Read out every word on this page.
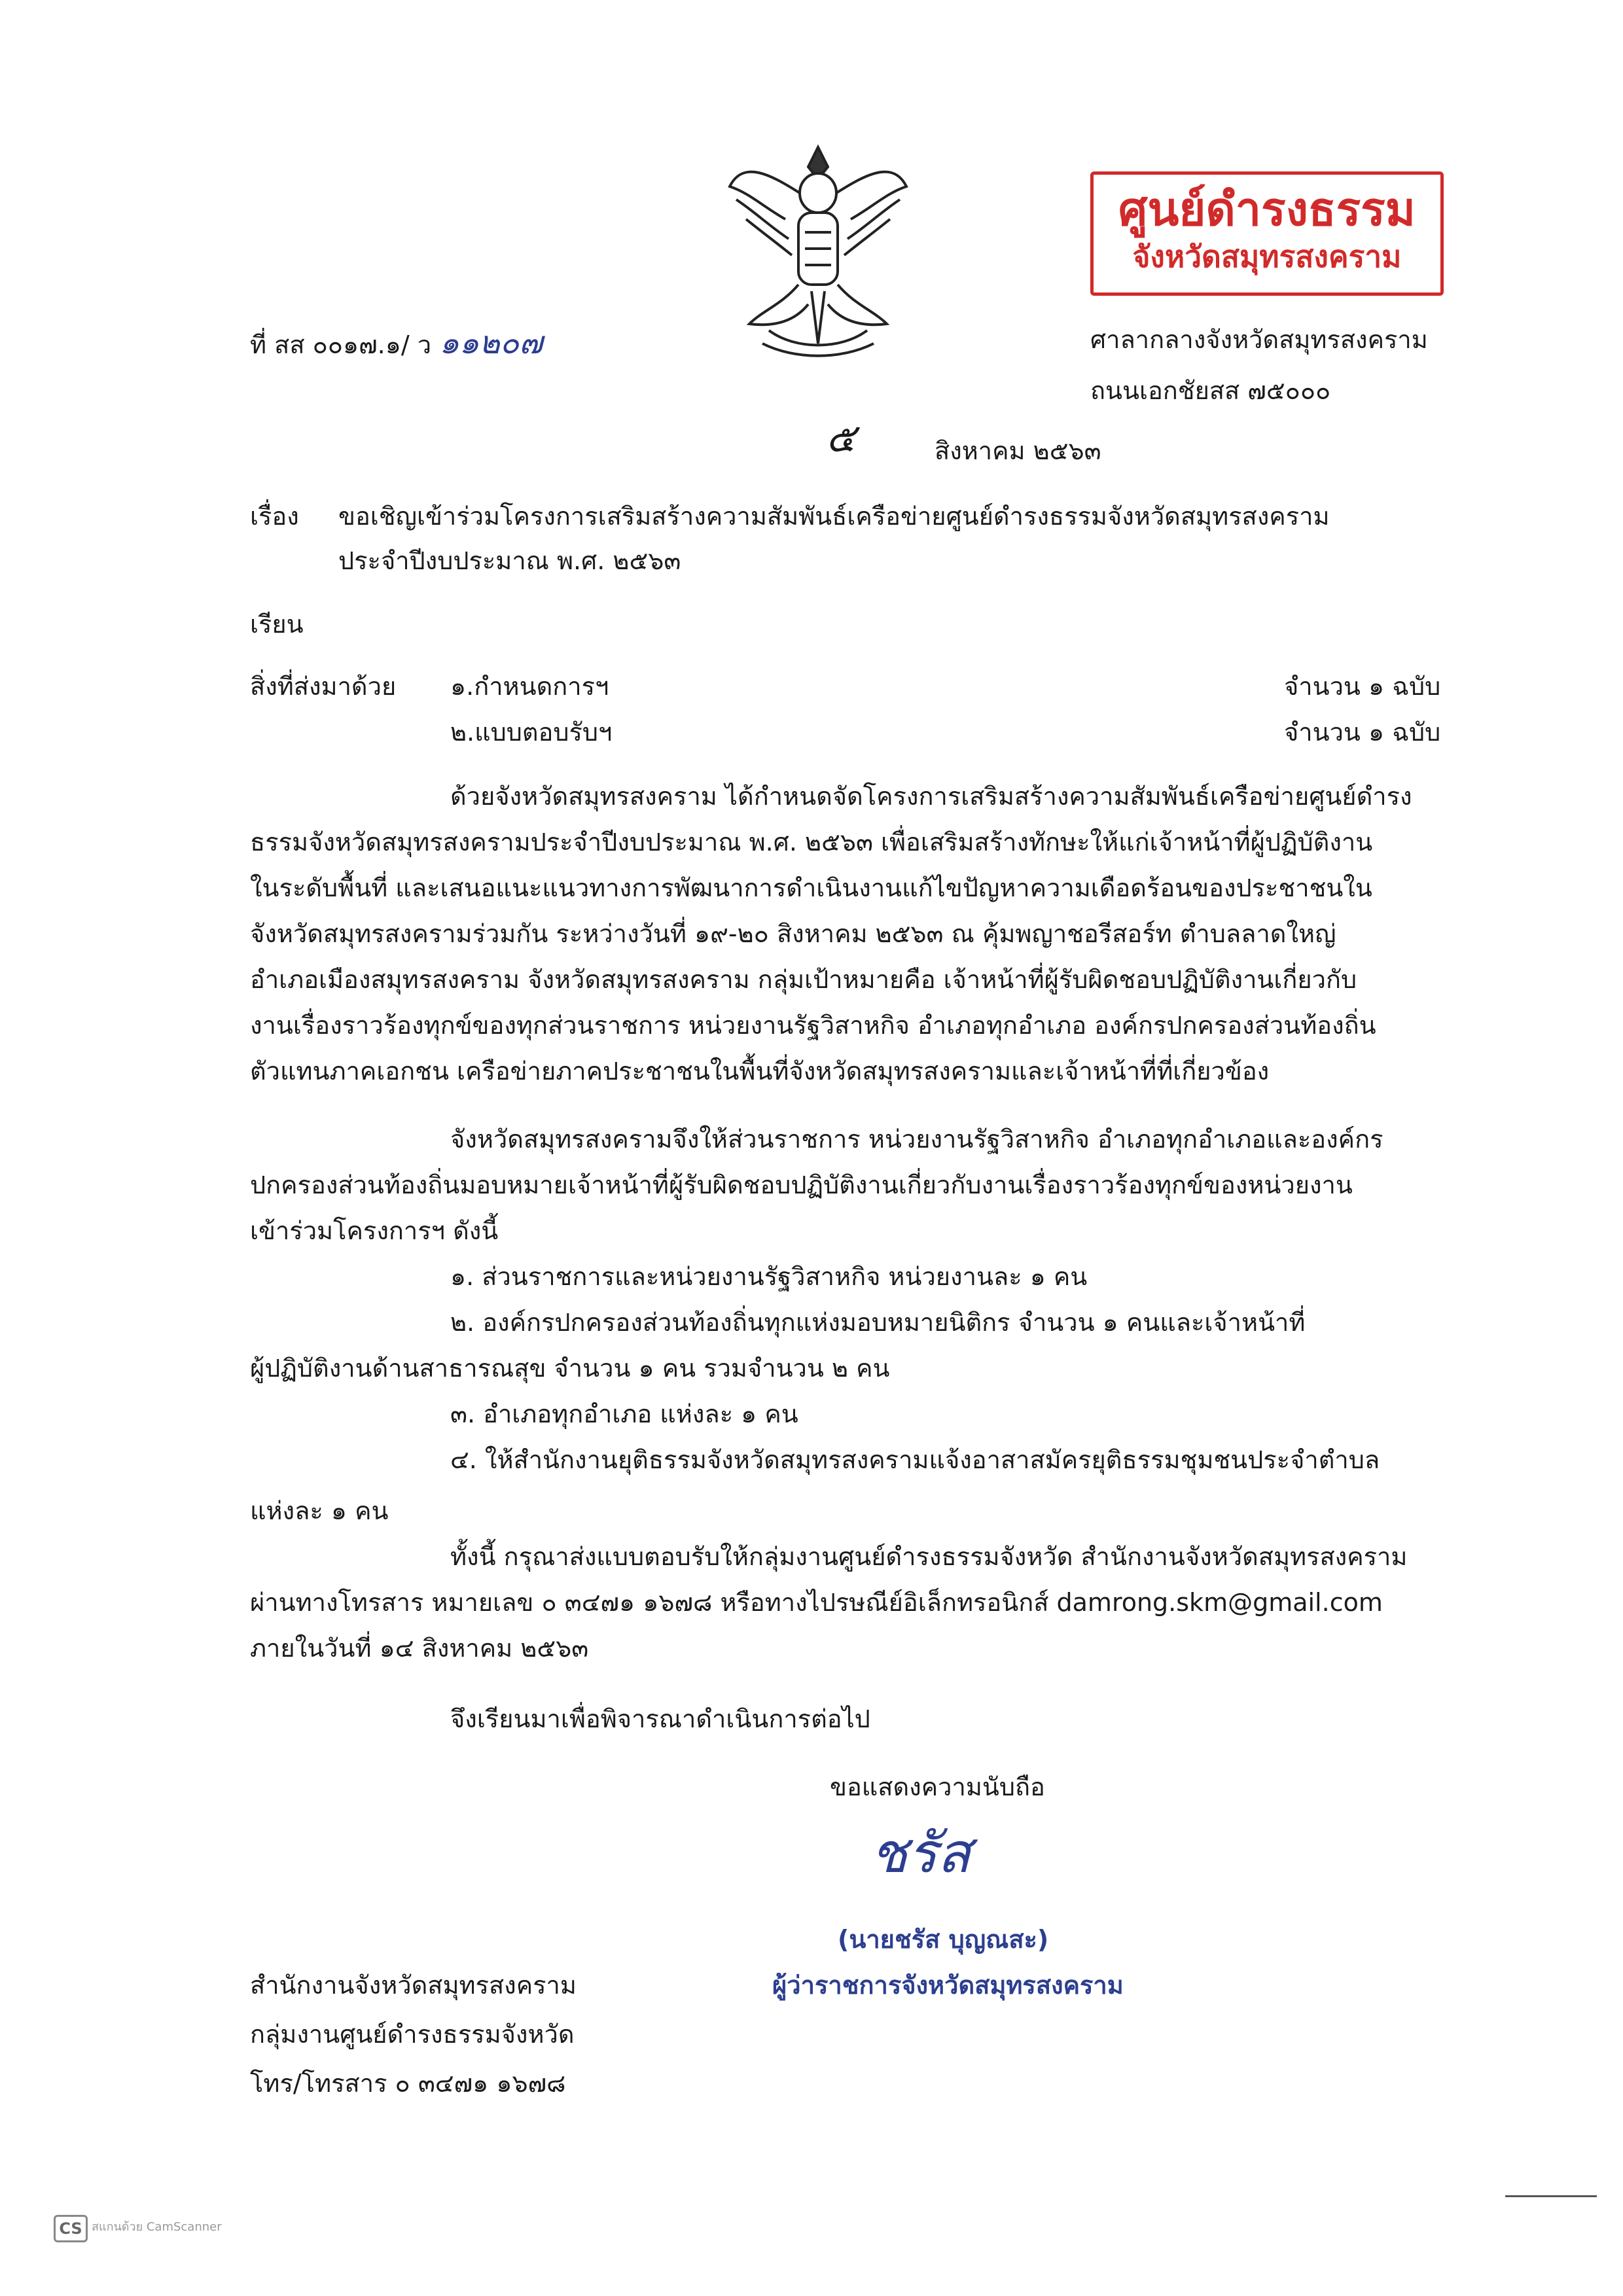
ศูนย์ดำรงธรรม
จังหวัดสมุทรสงคราม
ที่ สส ๐๐๑๗.๑/ ว ๑๑๒๐๗	ศาลากลางจังหวัดสมุทรสงคราม
ถนนเอกชัยสส ๗๕๐๐๐
๕	สิงหาคม ๒๕๖๓
เรื่อง ขอเชิญเข้าร่วมโครงการเสริมสร้างความสัมพันธ์เครือข่ายศูนย์ดำรงธรรมจังหวัดสมุทรสงคราม
ประจำปีงบประมาณ พ.ศ. ๒๕๖๓
เรียน
สิ่งที่ส่งมาด้วย ๑.กำหนดการฯ	จำนวน ๑ ฉบับ
๒.แบบตอบรับฯ	จำนวน ๑ ฉบับ
ด้วยจังหวัดสมุทรสงคราม ได้กำหนดจัดโครงการเสริมสร้างความสัมพันธ์เครือข่ายศูนย์ดำรง
ธรรมจังหวัดสมุทรสงครามประจำปีงบประมาณ พ.ศ. ๒๕๖๓ เพื่อเสริมสร้างทักษะให้แก่เจ้าหน้าที่ผู้ปฏิบัติงาน
ในระดับพื้นที่ และเสนอแนะแนวทางการพัฒนาการดำเนินงานแก้ไขปัญหาความเดือดร้อนของประชาชนใน
จังหวัดสมุทรสงครามร่วมกัน ระหว่างวันที่ ๑๙-๒๐ สิงหาคม ๒๕๖๓ ณ คุ้มพญาชอรีสอร์ท ตำบลลาดใหญ่
อำเภอเมืองสมุทรสงคราม จังหวัดสมุทรสงคราม กลุ่มเป้าหมายคือ เจ้าหน้าที่ผู้รับผิดชอบปฏิบัติงานเกี่ยวกับ
งานเรื่องราวร้องทุกข์ของทุกส่วนราชการ หน่วยงานรัฐวิสาหกิจ อำเภอทุกอำเภอ องค์กรปกครองส่วนท้องถิ่น
ตัวแทนภาคเอกชน เครือข่ายภาคประชาชนในพื้นที่จังหวัดสมุทรสงครามและเจ้าหน้าที่ที่เกี่ยวข้อง
จังหวัดสมุทรสงครามจึงให้ส่วนราชการ หน่วยงานรัฐวิสาหกิจ อำเภอทุกอำเภอและองค์กร
ปกครองส่วนท้องถิ่นมอบหมายเจ้าหน้าที่ผู้รับผิดชอบปฏิบัติงานเกี่ยวกับงานเรื่องราวร้องทุกข์ของหน่วยงาน
เข้าร่วมโครงการฯ ดังนี้
๑. ส่วนราชการและหน่วยงานรัฐวิสาหกิจ หน่วยงานละ ๑ คน
๒. องค์กรปกครองส่วนท้องถิ่นทุกแห่งมอบหมายนิติกร จำนวน ๑ คนและเจ้าหน้าที่
ผู้ปฏิบัติงานด้านสาธารณสุข จำนวน ๑ คน รวมจำนวน ๒ คน
๓. อำเภอทุกอำเภอ แห่งละ ๑ คน
๔. ให้สำนักงานยุติธรรมจังหวัดสมุทรสงครามแจ้งอาสาสมัครยุติธรรมชุมชนประจำตำบล
แห่งละ ๑ คน
ทั้งนี้ กรุณาส่งแบบตอบรับให้กลุ่มงานศูนย์ดำรงธรรมจังหวัด สำนักงานจังหวัดสมุทรสงคราม
ผ่านทางโทรสาร หมายเลข ๐ ๓๔๗๑ ๑๖๗๘ หรือทางไปรษณีย์อิเล็กทรอนิกส์ damrong.skm@gmail.com
ภายในวันที่ ๑๔ สิงหาคม ๒๕๖๓
จึงเรียนมาเพื่อพิจารณาดำเนินการต่อไป
ขอแสดงความนับถือ
ชรัส
(นายชรัส บุญณสะ)
ผู้ว่าราชการจังหวัดสมุทรสงคราม
สำนักงานจังหวัดสมุทรสงคราม
กลุ่มงานศูนย์ดำรงธรรมจังหวัด
โทร/โทรสาร ๐ ๓๔๗๑ ๑๖๗๘
CS สแกนด้วย CamScanner
